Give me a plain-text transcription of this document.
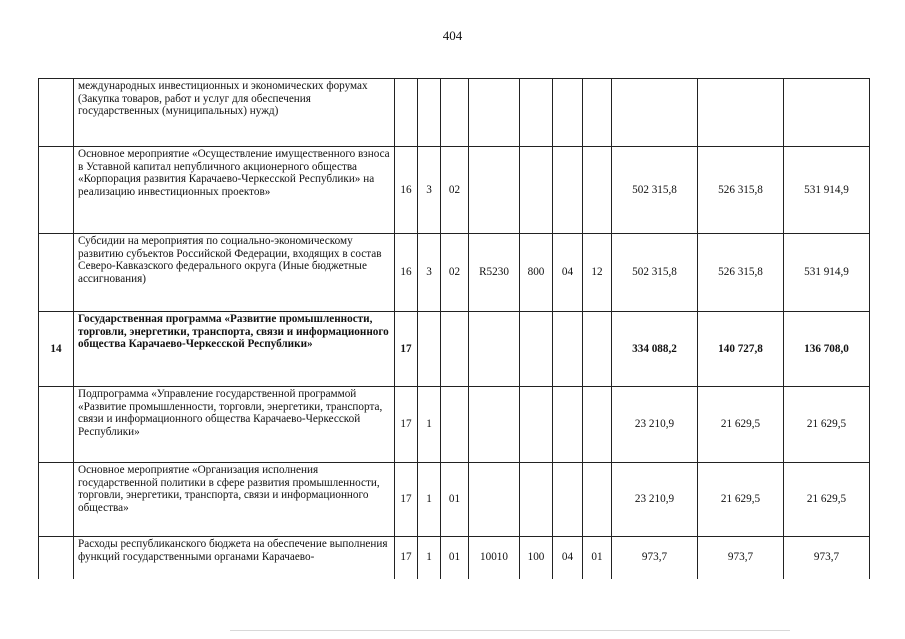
404
	международных инвестиционных и экономических форумах (Закупка товаров, работ и услуг для обеспечения государственных (муниципальных) нужд)										
	Основное мероприятие «Осуществление имущественного взноса в Уставной капитал непубличного акционерного общества «Корпорация развития Карачаево-Черкесской Республики» на реализацию инвестиционных проектов»	16	3	02					502 315,8	526 315,8	531 914,9
	Субсидии на мероприятия по социально-экономическому развитию субъектов Российской Федерации, входящих в состав Северо-Кавказского федерального округа (Иные бюджетные ассигнования)	16	3	02	R5230	800	04	12	502 315,8	526 315,8	531 914,9
14	Государственная программа «Развитие промышленности, торговли, энергетики, транспорта, связи и информационного общества Карачаево-Черкесской Республики»	17							334 088,2	140 727,8	136 708,0
	Подпрограмма «Управление государственной программой «Развитие промышленности, торговли, энергетики, транспорта, связи и информационного общества Карачаево-Черкесской Республики»	17	1						23 210,9	21 629,5	21 629,5
	Основное мероприятие «Организация исполнения государственной политики в сфере развития промышленности, торговли, энергетики, транспорта, связи и информационного общества»	17	1	01					23 210,9	21 629,5	21 629,5
	Расходы республиканского бюджета на обеспечение выполнения функций государственными органами Карачаево-	17	1	01	10010	100	04	01	973,7	973,7	973,7
